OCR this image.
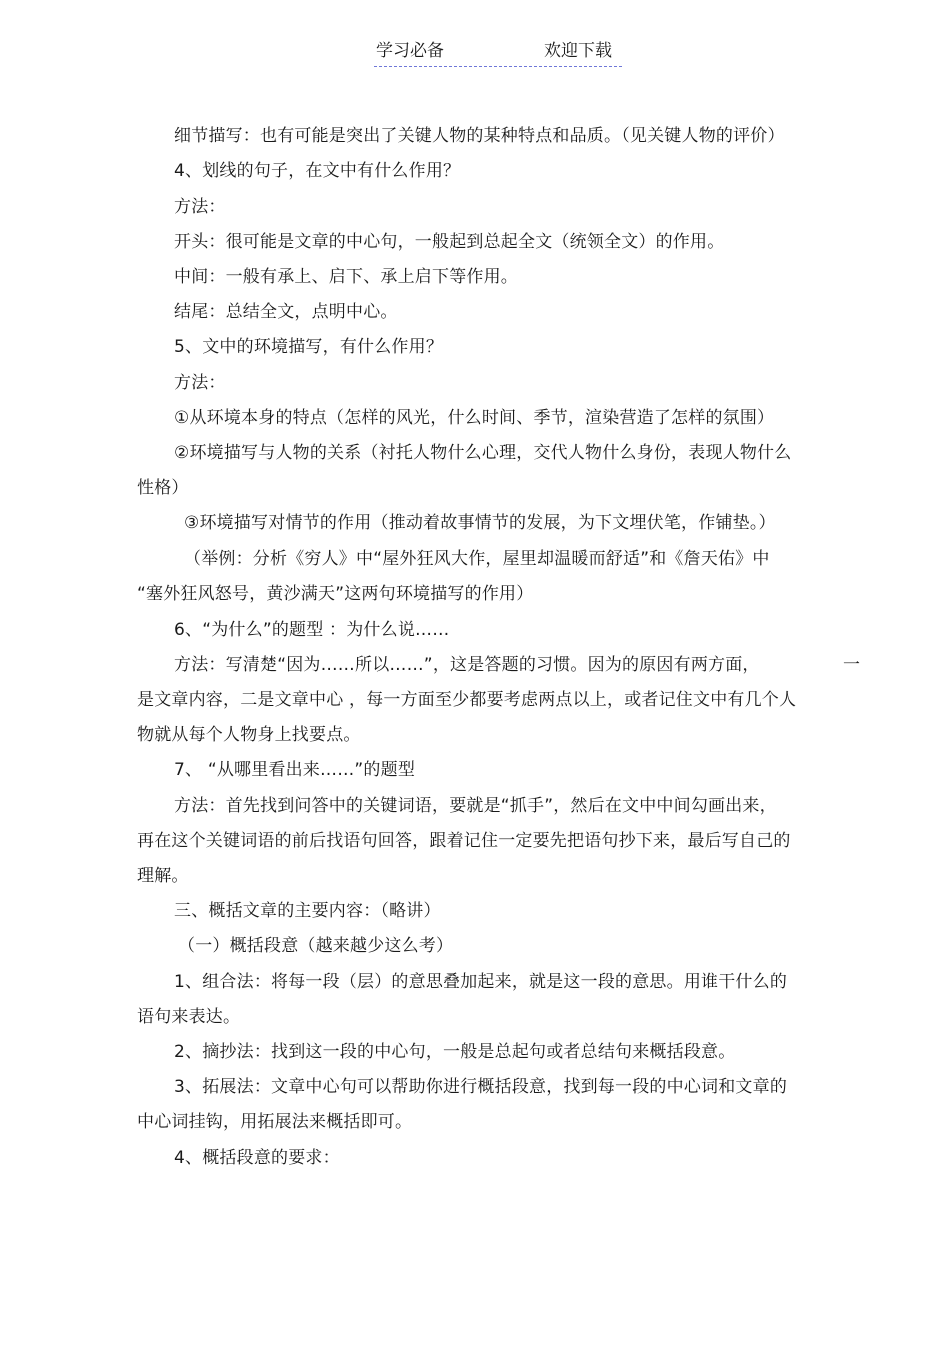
学习必备	欢迎下载
细节描写：也有可能是突出了关键人物的某种特点和品质。（见关键人物的评价）
4、划线的句子，在文中有什么作用？
方法：
开头：很可能是文章的中心句，一般起到总起全文（统领全文）的作用。
中间：一般有承上、启下、承上启下等作用。
结尾：总结全文，点明中心。
5、文中的环境描写，有什么作用？
方法：
①从环境本身的特点（怎样的风光，什么时间、季节，渲染营造了怎样的氛围）
②环境描写与人物的关系（衬托人物什么心理，交代人物什么身份，表现人物什么
性格）
③环境描写对情节的作用（推动着故事情节的发展，为下文埋伏笔，作铺垫。）
（举例：分析《穷人》中“屋外狂风大作，屋里却温暖而舒适”和《詹天佑》中
“塞外狂风怒号，黄沙满天”这两句环境描写的作用）
6、“为什么”的题型 ：为什么说……
方法：写清楚“因为……所以……”，这是答题的习惯。因为的原因有两方面，	一
是文章内容，二是文章中心 ，每一方面至少都要考虑两点以上，或者记住文中有几个人
物就从每个人物身上找要点。
7、 “从哪里看出来……”的题型
方法：首先找到问答中的关键词语，要就是“抓手”，然后在文中中间勾画出来，
再在这个关键词语的前后找语句回答，跟着记住一定要先把语句抄下来，最后写自己的
理解。
三、概括文章的主要内容：（略讲）
（一）概括段意（越来越少这么考）
1、组合法：将每一段（层）的意思叠加起来，就是这一段的意思。用谁干什么的
语句来表达。
2、摘抄法：找到这一段的中心句，一般是总起句或者总结句来概括段意。
3、拓展法：文章中心句可以帮助你进行概括段意，找到每一段的中心词和文章的
中心词挂钩，用拓展法来概括即可。
4、概括段意的要求：
